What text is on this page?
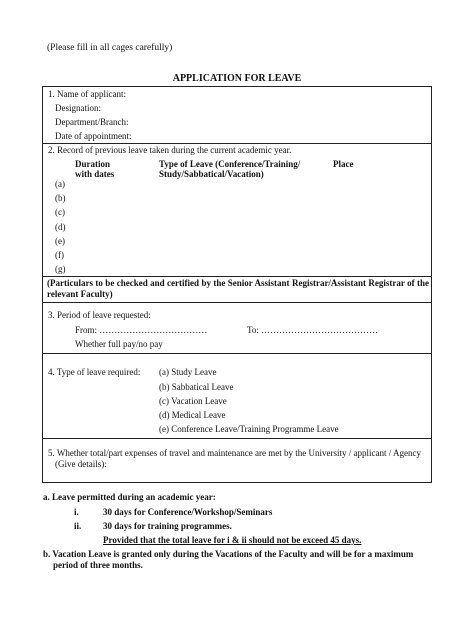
(Please fill in all cages carefully)
APPLICATION FOR LEAVE
1. Name of applicant:
Designation:
Department/Branch:
Date of appointment:
2. Record of previous leave taken during the current academic year.
Duration
with dates
Type of Leave (Conference/Training/
Study/Sabbatical/Vacation)
Place
(a)
(b)
(c)
(d)
(e)
(f)
(g)
(Particulars to be checked and certified by the Senior Assistant Registrar/Assistant Registrar of the relevant Faculty)
3. Period of leave requested:
From: ………………………………	To: …………………………………
Whether full pay/no pay
4. Type of leave required: (a) Study Leave
(b) Sabbatical Leave
(c) Vacation Leave
(d) Medical Leave
(e) Conference Leave/Training Programme Leave
5. Whether total/part expenses of travel and maintenance are met by the University / applicant / Agency
(Give details):
a. Leave permitted during an academic year:
i.	30 days for Conference/Workshop/Seminars
ii. 30 days for training programmes.
Provided that the total leave for i & ii should not be exceed 45 days.
b. Vacation Leave is granted only during the Vacations of the Faculty and will be for a maximum
period of three months.
